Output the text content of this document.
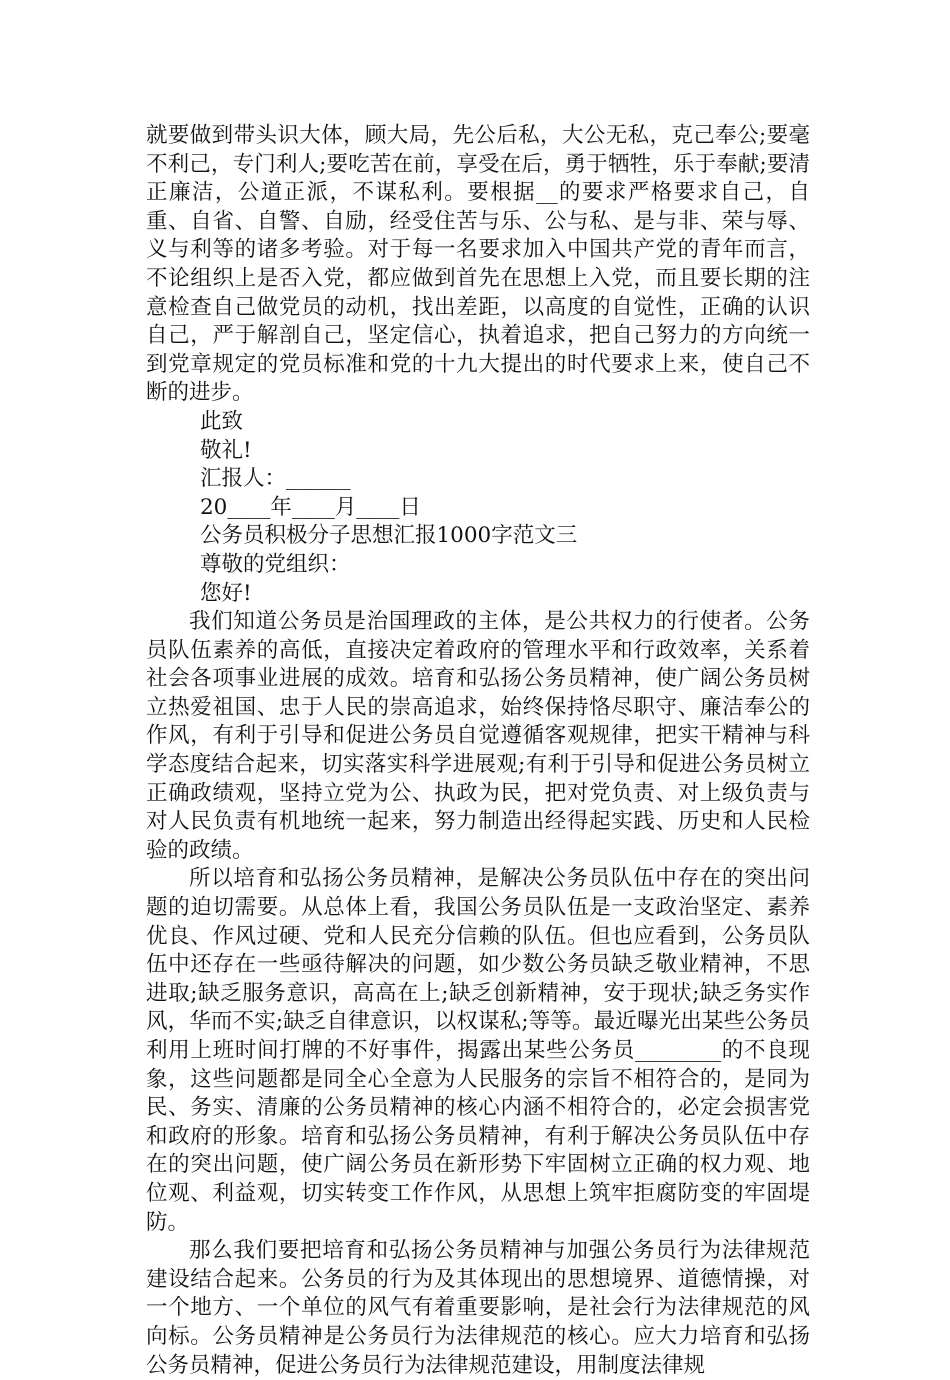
就要做到带头识大体，顾大局，先公后私，大公无私，克己奉公;要毫不利己，专门利人;要吃苦在前，享受在后，勇于牺牲，乐于奉献;要清正廉洁，公道正派，不谋私利。要根据__的要求严格要求自己，自重、自省、自警、自励，经受住苦与乐、公与私、是与非、荣与辱、义与利等的诸多考验。对于每一名要求加入中国共产党的青年而言，不论组织上是否入党，都应做到首先在思想上入党，而且要长期的注意检查自己做党员的动机，找出差距，以高度的自觉性，正确的认识自己，严于解剖自己，坚定信心，执着追求，把自己努力的方向统一到党章规定的党员标准和党的十九大提出的时代要求上来，使自己不断的进步。

此致

敬礼!

汇报人：______

20____年____月____日

公务员积极分子思想汇报1000字范文三

尊敬的党组织：

您好!

我们知道公务员是治国理政的主体，是公共权力的行使者。公务员队伍素养的高低，直接决定着政府的管理水平和行政效率，关系着社会各项事业进展的成效。培育和弘扬公务员精神，使广阔公务员树立热爱祖国、忠于人民的崇高追求，始终保持恪尽职守、廉洁奉公的作风，有利于引导和促进公务员自觉遵循客观规律，把实干精神与科学态度结合起来，切实落实科学进展观;有利于引导和促进公务员树立正确政绩观，坚持立党为公、执政为民，把对党负责、对上级负责与对人民负责有机地统一起来，努力制造出经得起实践、历史和人民检验的政绩。

所以培育和弘扬公务员精神，是解决公务员队伍中存在的突出问题的迫切需要。从总体上看，我国公务员队伍是一支政治坚定、素养优良、作风过硬、党和人民充分信赖的队伍。但也应看到，公务员队伍中还存在一些亟待解决的问题，如少数公务员缺乏敬业精神，不思进取;缺乏服务意识，高高在上;缺乏创新精神，安于现状;缺乏务实作风，华而不实;缺乏自律意识，以权谋私;等等。最近曝光出某些公务员利用上班时间打牌的不好事件，揭露出某些公务员________的不良现象，这些问题都是同全心全意为人民服务的宗旨不相符合的，是同为民、务实、清廉的公务员精神的核心内涵不相符合的，必定会损害党和政府的形象。培育和弘扬公务员精神，有利于解决公务员队伍中存在的突出问题，使广阔公务员在新形势下牢固树立正确的权力观、地位观、利益观，切实转变工作作风，从思想上筑牢拒腐防变的牢固堤防。

那么我们要把培育和弘扬公务员精神与加强公务员行为法律规范建设结合起来。公务员的行为及其体现出的思想境界、道德情操，对一个地方、一个单位的风气有着重要影响，是社会行为法律规范的风向标。公务员精神是公务员行为法律规范的核心。应大力培育和弘扬公务员精神，促进公务员行为法律规范建设，用制度法律规
